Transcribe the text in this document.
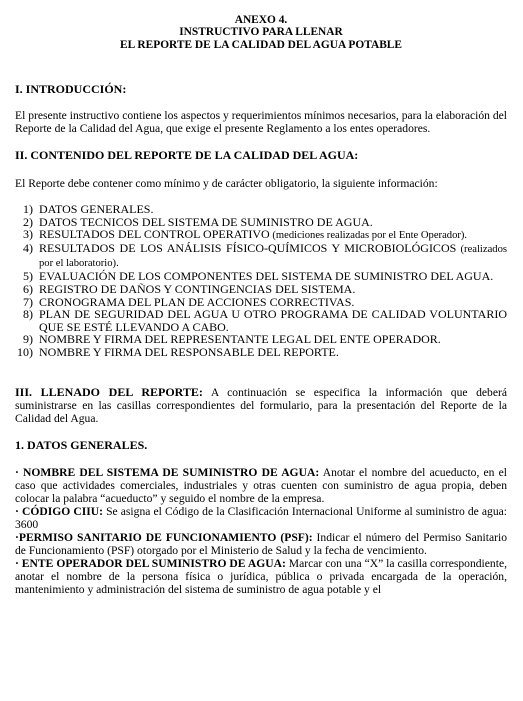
ANEXO 4.
INSTRUCTIVO PARA LLENAR
EL REPORTE DE LA CALIDAD DEL AGUA POTABLE
I. INTRODUCCIÓN:

El presente instructivo contiene los aspectos y requerimientos mínimos necesarios, para la elaboración del Reporte de la Calidad del Agua, que exige el presente Reglamento a los entes operadores.

II. CONTENIDO DEL REPORTE DE LA CALIDAD DEL AGUA:

El Reporte debe contener como mínimo y de carácter obligatorio, la siguiente información:

1) DATOS GENERALES.
2) DATOS TECNICOS DEL SISTEMA DE SUMINISTRO DE AGUA.
3) RESULTADOS DEL CONTROL OPERATIVO (mediciones realizadas por el Ente Operador).
4) RESULTADOS DE LOS ANÁLISIS FÍSICO-QUÍMICOS Y MICROBIOLÓGICOS (realizados por el laboratorio).
5) EVALUACIÓN DE LOS COMPONENTES DEL SISTEMA DE SUMINISTRO DEL AGUA.
6) REGISTRO DE DAÑOS Y CONTINGENCIAS DEL SISTEMA.
7) CRONOGRAMA DEL PLAN DE ACCIONES CORRECTIVAS.
8) PLAN DE SEGURIDAD DEL AGUA U OTRO PROGRAMA DE CALIDAD VOLUNTARIO QUE SE ESTÉ LLEVANDO A CABO.
9) NOMBRE Y FIRMA DEL REPRESENTANTE LEGAL DEL ENTE OPERADOR.
10) NOMBRE Y FIRMA DEL RESPONSABLE DEL REPORTE.

III. LLENADO DEL REPORTE: A continuación se especifica la información que deberá suministrarse en las casillas correspondientes del formulario, para la presentación del Reporte de la Calidad del Agua.

1. DATOS GENERALES.

· NOMBRE DEL SISTEMA DE SUMINISTRO DE AGUA: Anotar el nombre del acueducto, en el caso que actividades comerciales, industriales y otras cuenten con suministro de agua propia, deben colocar la palabra “acueducto” y seguido el nombre de la empresa.

· CÓDIGO CIIU: Se asigna el Código de la Clasificación Internacional Uniforme al suministro de agua: 3600

·PERMISO SANITARIO DE FUNCIONAMIENTO (PSF): Indicar el número del Permiso Sanitario de Funcionamiento (PSF) otorgado por el Ministerio de Salud y la fecha de vencimiento.

· ENTE OPERADOR DEL SUMINISTRO DE AGUA: Marcar con una “X” la casilla correspondiente, anotar el nombre de la persona física o jurídica, pública o privada encargada de la operación, mantenimiento y administración del sistema de suministro de agua potable y el
